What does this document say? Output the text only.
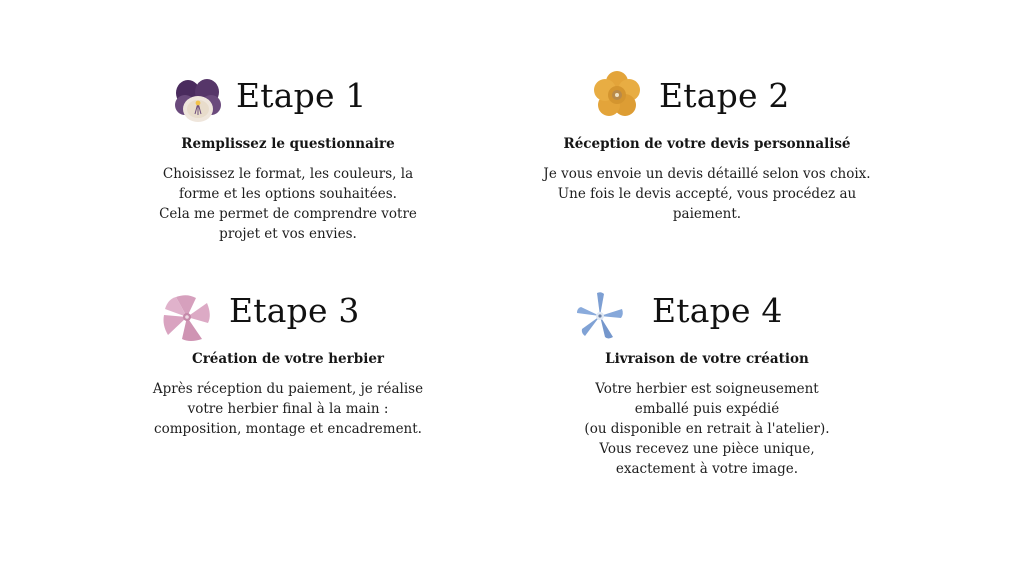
Etape 1
Remplissez le questionnaire
Choisissez le format, les couleurs, la
forme et les options souhaitées.
Cela me permet de comprendre votre
projet et vos envies.
Etape 2
Réception de votre devis personnalisé
Je vous envoie un devis détaillé selon vos choix.
Une fois le devis accepté, vous procédez au
paiement.
Etape 3
Création de votre herbier
Après réception du paiement, je réalise
votre herbier final à la main :
composition, montage et encadrement.
Etape 4
Livraison de votre création
Votre herbier est soigneusement
emballé puis expédié
(ou disponible en retrait à l'atelier).
Vous recevez une pièce unique,
exactement à votre image.
